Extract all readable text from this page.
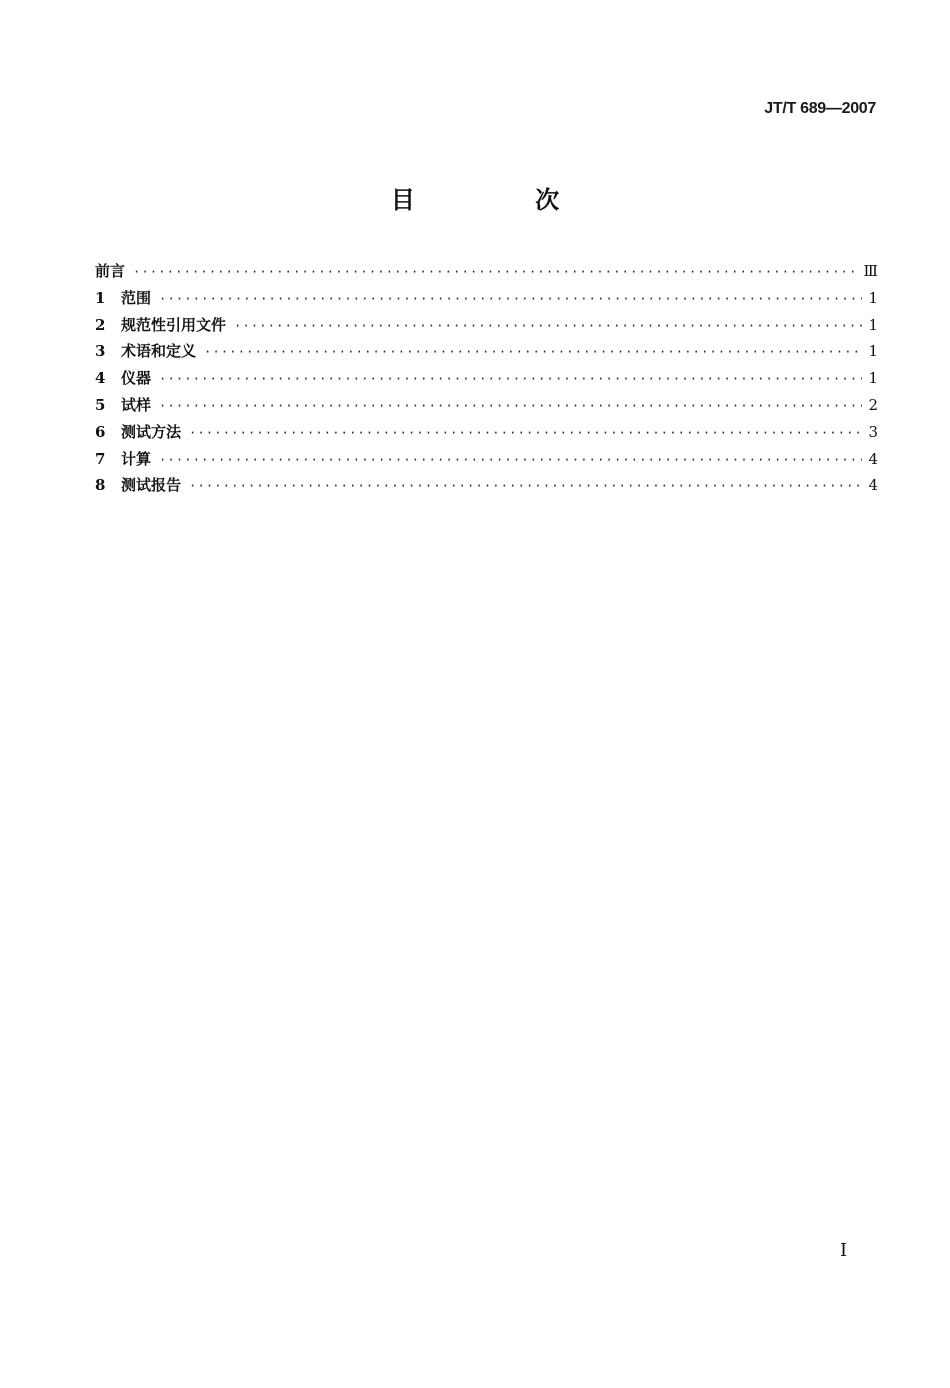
JT/T 689—2007
目 次
前言 ·····	Ⅲ
1	范围 ·····	1
2	规范性引用文件 ·····	1
3	术语和定义 ·····	1
4	仪器 ·····	1
5	试样 ·····	2
6	测试方法 ·····	3
7	计算 ·····	4
8	测试报告 ·····	4
I
